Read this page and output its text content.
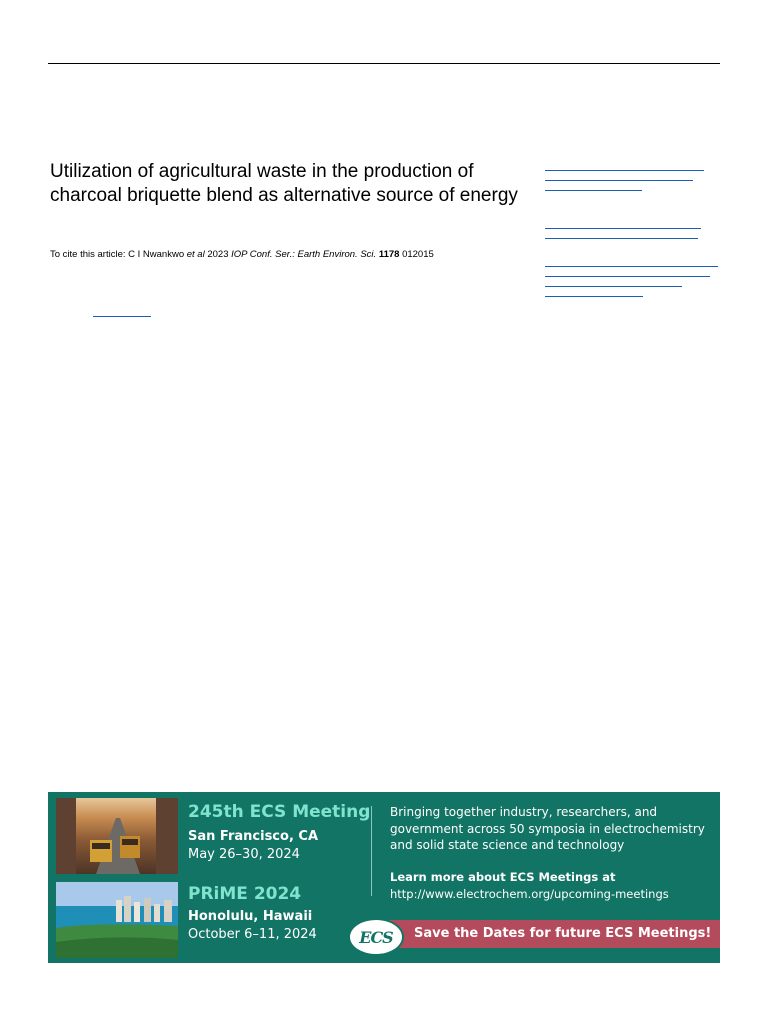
Utilization of agricultural waste in the production of charcoal briquette blend as alternative source of energy
To cite this article: C I Nwankwo et al 2023 IOP Conf. Ser.: Earth Environ. Sci. 1178 012015
245th ECS Meeting
San Francisco, CA
May 26–30, 2024
PRiME 2024
Honolulu, Hawaii
October 6–11, 2024
Bringing together industry, researchers, and government across 50 symposia in electrochemistry and solid state science and technology
Learn more about ECS Meetings at
http://www.electrochem.org/upcoming-meetings
ECS Save the Dates for future ECS Meetings!
